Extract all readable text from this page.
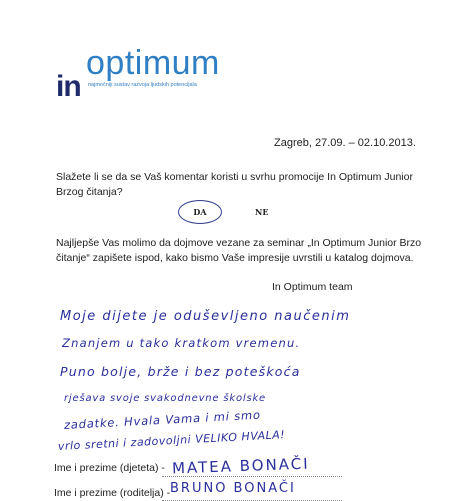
optimum
in najmočniji sustav razvoja ljudskih potencijala
Zagreb, 27.09. – 02.10.2013.
Slažete li se da se Vaš komentar koristi u svrhu promocije In Optimum Junior Brzog čitanja?
DA	NE
Najljepše Vas molimo da dojmove vezane za seminar „In Optimum Junior Brzo čitanje“ zapišete ispod, kako bismo Vaše impresije uvrstili u katalog dojmova.
In Optimum team
Moje dijete je oduševljeno naučenim
Znanjem u tako kratkom vremenu.
Puno bolje, brže i bez poteškoća
rješava svoje svakodnevne školske
zadatke. Hvala Vama i mi smo
vrlo sretni i zadovoljni VELIKO HVALA!
Ime i prezime (djeteta) - MATEA BONAČI
Ime i prezime (roditelja) - BRUNO BONAČI
